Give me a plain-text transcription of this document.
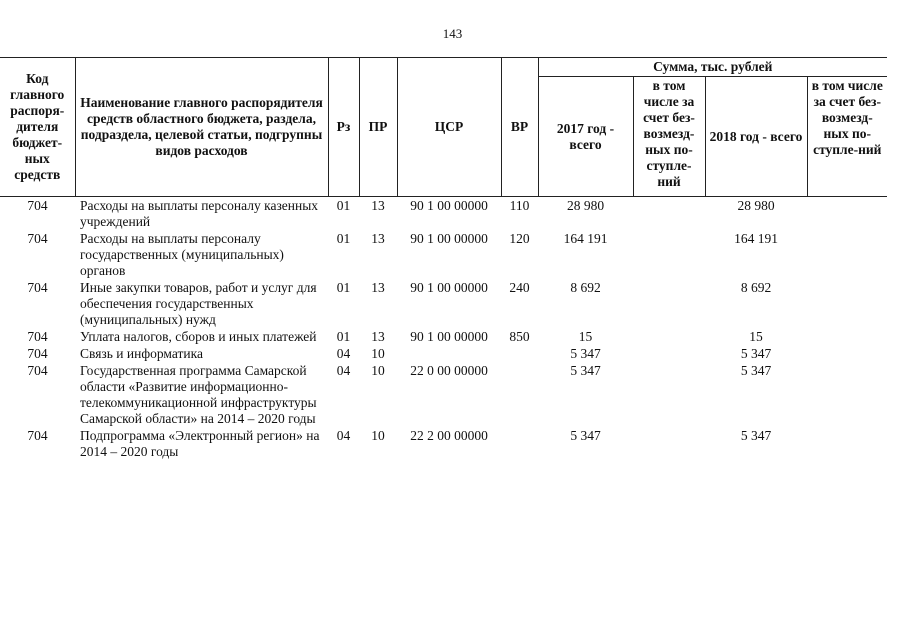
143
Код главного распоря-дителя бюджет-ных средств	Наименование главного распорядителя средств областного бюджета, раздела, подраздела, целевой статьи, подгрупны видов расходов	Рз	ПР	ЦСР	ВР	Сумма, тыс. рублей			
						2017 год - всего	в том числе за счет без-возмезд-ных по-ступле-ний	2018 год - всего	в том числе за счет без-возмезд-ных по-ступле-ний
704	Расходы на выплаты персоналу казенных учреждений	01	13	90 1 00 00000	110	28 980		28 980	
704	Расходы на выплаты персоналу государственных (муниципальных) органов	01	13	90 1 00 00000	120	164 191		164 191	
704	Иные закупки товаров, работ и услуг для обеспечения государственных (муниципальных) нужд	01	13	90 1 00 00000	240	8 692		8 692	
704	Уплата налогов, сборов и иных платежей	01	13	90 1 00 00000	850	15		15	
704	Связь и информатика	04	10			5 347		5 347	
704	Государственная программа Самарской области «Развитие информационно-телекоммуникационной инфраструктуры Самарской области» на 2014 – 2020 годы	04	10	22 0 00 00000		5 347		5 347	
704	Подпрограмма «Электронный регион» на 2014 – 2020 годы	04	10	22 2 00 00000		5 347		5 347	
